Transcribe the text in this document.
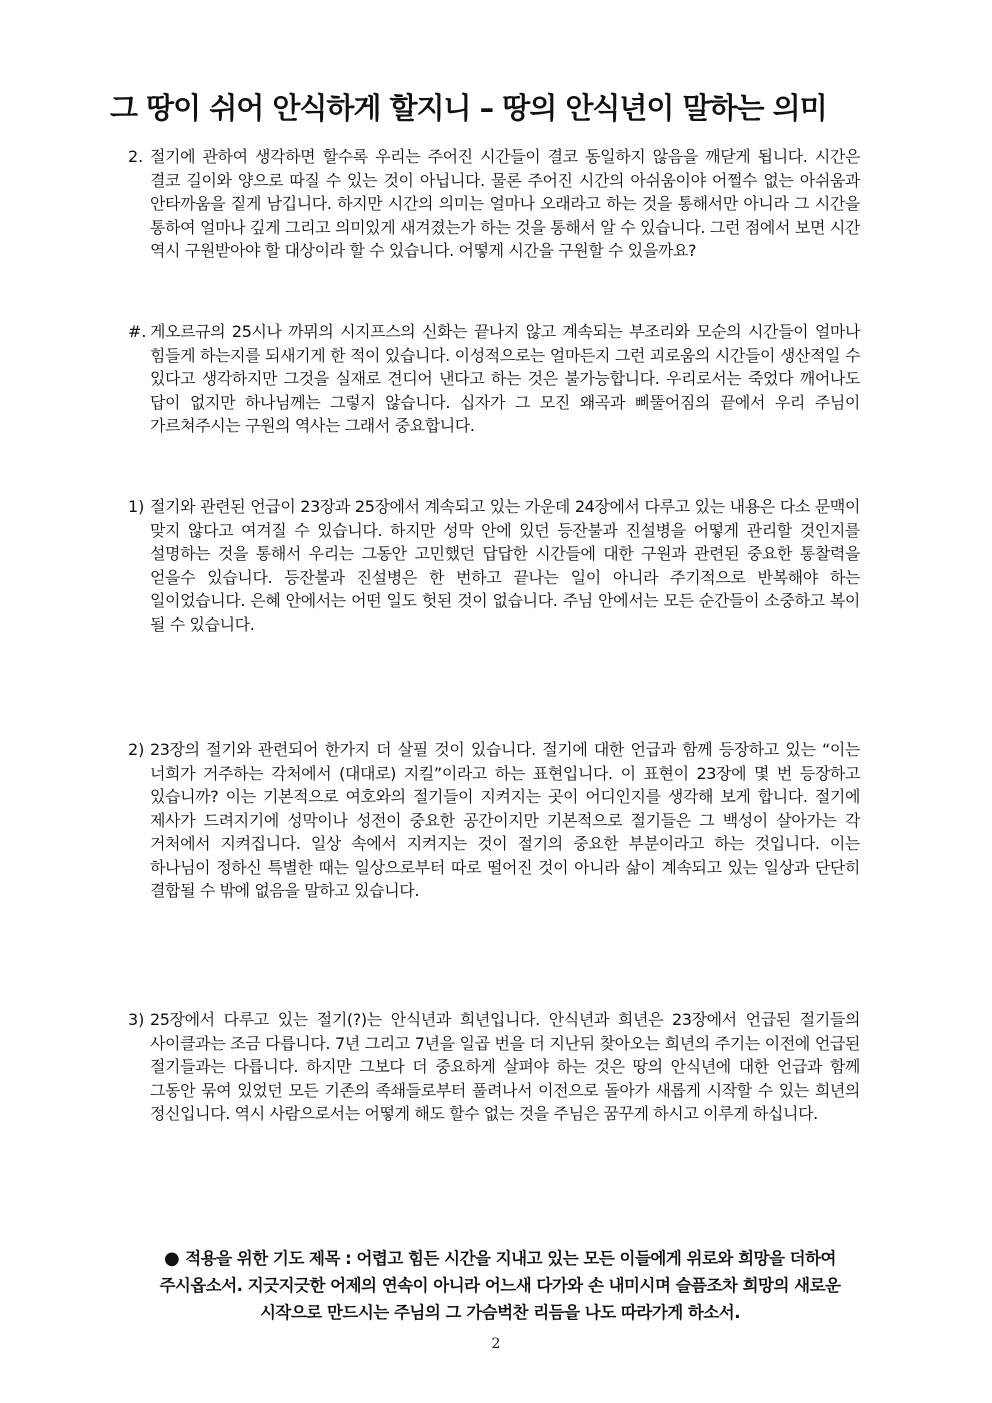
그 땅이 쉬어 안식하게 할지니 – 땅의 안식년이 말하는 의미
2. 절기에 관하여 생각하면 할수록 우리는 주어진 시간들이 결코 동일하지 않음을 깨닫게 됩니다. 시간은 결코 길이와 양으로 따질 수 있는 것이 아닙니다. 물론 주어진 시간의 아쉬움이야 어쩔수 없는 아쉬움과 안타까움을 짙게 남깁니다. 하지만 시간의 의미는 얼마나 오래라고 하는 것을 통해서만 아니라 그 시간을 통하여 얼마나 깊게 그리고 의미있게 새겨졌는가 하는 것을 통해서 알 수 있습니다. 그런 점에서 보면 시간 역시 구원받아야 할 대상이라 할 수 있습니다. 어떻게 시간을 구원할 수 있을까요?
#. 게오르규의 25시나 까뮈의 시지프스의 신화는 끝나지 않고 계속되는 부조리와 모순의 시간들이 얼마나 힘들게 하는지를 되새기게 한 적이 있습니다. 이성적으로는 얼마든지 그런 괴로움의 시간들이 생산적일 수 있다고 생각하지만 그것을 실재로 견디어 낸다고 하는 것은 불가능합니다. 우리로서는 죽었다 깨어나도 답이 없지만 하나님께는 그렇지 않습니다. 십자가 그 모진 왜곡과 삐뚤어짐의 끝에서 우리 주님이 가르쳐주시는 구원의 역사는 그래서 중요합니다.
1) 절기와 관련된 언급이 23장과 25장에서 계속되고 있는 가운데 24장에서 다루고 있는 내용은 다소 문맥이 맞지 않다고 여겨질 수 있습니다. 하지만 성막 안에 있던 등잔불과 진설병을 어떻게 관리할 것인지를 설명하는 것을 통해서 우리는 그동안 고민했던 답답한 시간들에 대한 구원과 관련된 중요한 통찰력을 얻을수 있습니다. 등잔불과 진설병은 한 번하고 끝나는 일이 아니라 주기적으로 반복해야 하는 일이었습니다. 은혜 안에서는 어떤 일도 헛된 것이 없습니다. 주님 안에서는 모든 순간들이 소중하고 복이 될 수 있습니다.
2) 23장의 절기와 관련되어 한가지 더 살필 것이 있습니다. 절기에 대한 언급과 함께 등장하고 있는 “이는 너희가 거주하는 각처에서 (대대로) 지킬”이라고 하는 표현입니다. 이 표현이 23장에 몇 번 등장하고 있습니까? 이는 기본적으로 여호와의 절기들이 지켜지는 곳이 어디인지를 생각해 보게 합니다. 절기에 제사가 드려지기에 성막이나 성전이 중요한 공간이지만 기본적으로 절기들은 그 백성이 살아가는 각 거처에서 지켜집니다. 일상 속에서 지켜지는 것이 절기의 중요한 부분이라고 하는 것입니다. 이는 하나님이 정하신 특별한 때는 일상으로부터 따로 떨어진 것이 아니라 삶이 계속되고 있는 일상과 단단히 결합될 수 밖에 없음을 말하고 있습니다.
3) 25장에서 다루고 있는 절기(?)는 안식년과 희년입니다. 안식년과 희년은 23장에서 언급된 절기들의 사이클과는 조금 다릅니다. 7년 그리고 7년을 일곱 번을 더 지난뒤 찾아오는 희년의 주기는 이전에 언급된 절기들과는 다릅니다. 하지만 그보다 더 중요하게 살펴야 하는 것은 땅의 안식년에 대한 언급과 함께 그동안 묶여 있었던 모든 기존의 족쇄들로부터 풀려나서 이전으로 돌아가 새롭게 시작할 수 있는 희년의 정신입니다. 역시 사람으로서는 어떻게 해도 할수 없는 것을 주님은 꿈꾸게 하시고 이루게 하십니다.
● 적용을 위한 기도 제목 : 어렵고 힘든 시간을 지내고 있는 모든 이들에게 위로와 희망을 더하여 주시옵소서. 지긋지긋한 어제의 연속이 아니라 어느새 다가와 손 내미시며 슬픔조차 희망의 새로운 시작으로 만드시는 주님의 그 가슴벅찬 리듬을 나도 따라가게 하소서.
2
